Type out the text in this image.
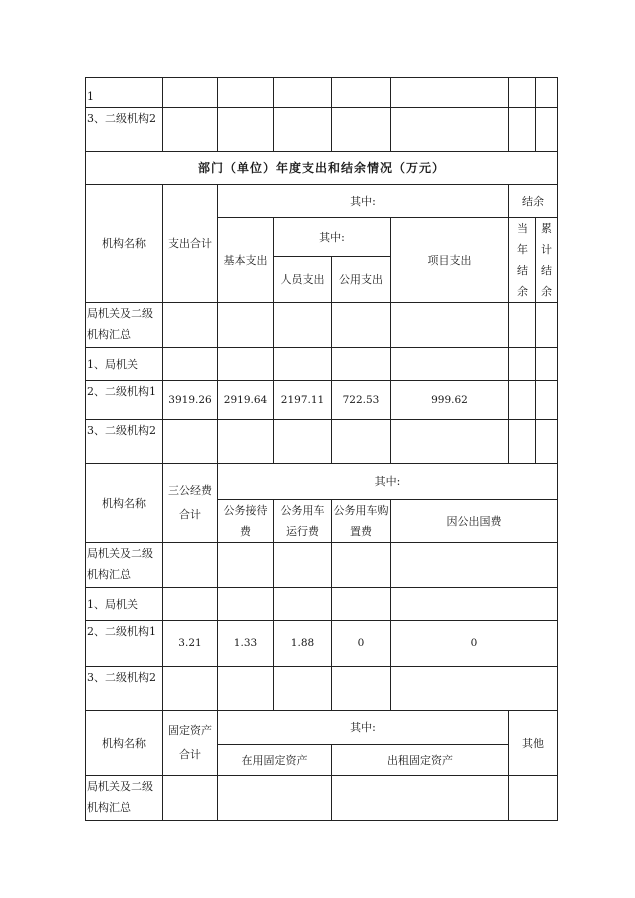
1							
3、二级机构2							
部门（单位）年度支出和结余情况（万元）							
机构名称	支出合计	其中:				结余	
		基本支出	其中:		项目支出	当年结余	累计结余
			人员支出	公用支出			
局机关及二级机构汇总							
1、局机关							
2、二级机构1	3919.26	2919.64	2197.11	722.53	999.62		
3、二级机构2							
机构名称	三公经费合计	其中:					
		公务接待费	公务用车运行费	公务用车购置费	因公出国费		
局机关及二级机构汇总							
1、局机关							
2、二级机构1	3.21	1.33	1.88	0	0		
3、二级机构2							
机构名称	固定资产合计	其中:				其他	
		在用固定资产		出租固定资产			
局机关及二级机构汇总							
